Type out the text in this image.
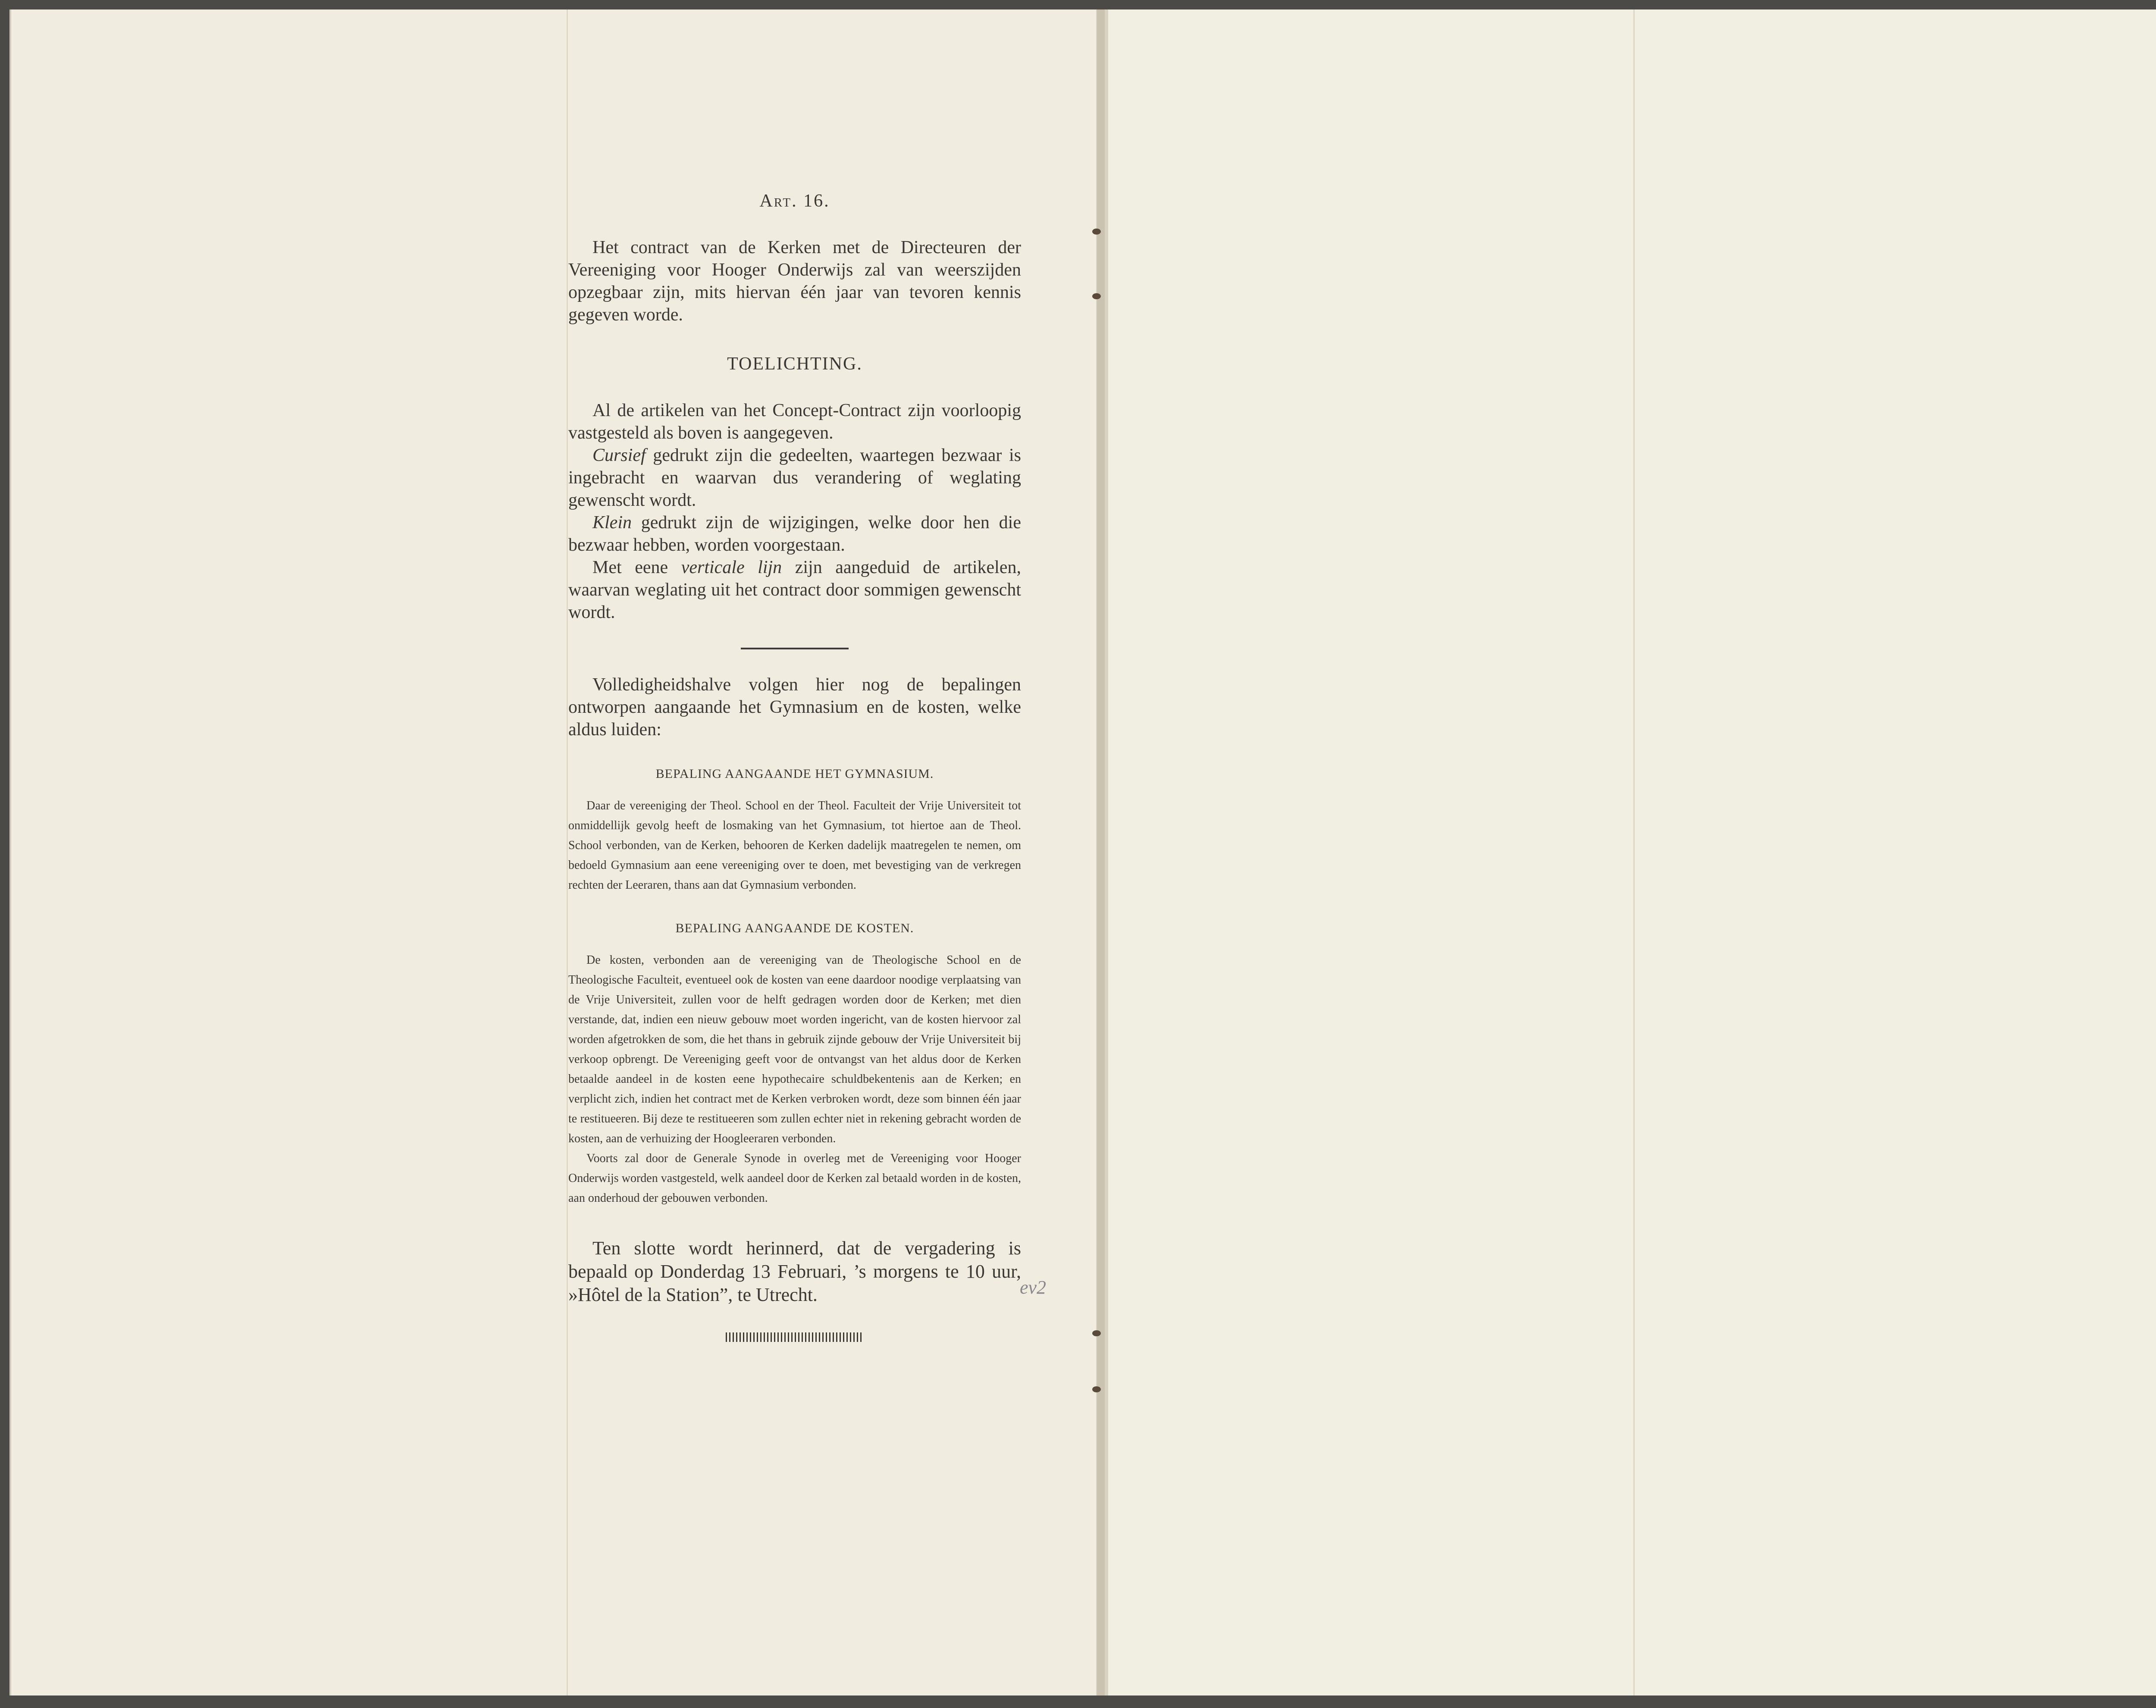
Art. 16.

Het contract van de Kerken met de Directeuren der Vereeniging voor Hooger Onderwijs zal van weerszijden opzegbaar zijn, mits hiervan één jaar van tevoren kennis gegeven worde.

TOELICHTING.

Al de artikelen van het Concept-Contract zijn voorloopig vastgesteld als boven is aangegeven.

Cursief gedrukt zijn die gedeelten, waartegen bezwaar is ingebracht en waarvan dus verandering of weglating gewenscht wordt.

Klein gedrukt zijn de wijzigingen, welke door hen die bezwaar hebben, worden voorgestaan.

Met eene verticale lijn zijn aangeduid de artikelen, waarvan weglating uit het contract door sommigen gewenscht wordt.

Volledigheidshalve volgen hier nog de bepalingen ontworpen aangaande het Gymnasium en de kosten, welke aldus luiden:

BEPALING AANGAANDE HET GYMNASIUM.

Daar de vereeniging der Theol. School en der Theol. Faculteit der Vrije Universiteit tot onmiddellijk gevolg heeft de losmaking van het Gymnasium, tot hiertoe aan de Theol. School verbonden, van de Kerken, behooren de Kerken dadelijk maatregelen te nemen, om bedoeld Gymnasium aan eene vereeniging over te doen, met bevestiging van de verkregen rechten der Leeraren, thans aan dat Gymnasium verbonden.

BEPALING AANGAANDE DE KOSTEN.

De kosten, verbonden aan de vereeniging van de Theologische School en de Theologische Faculteit, eventueel ook de kosten van eene daardoor noodige verplaatsing van de Vrije Universiteit, zullen voor de helft gedragen worden door de Kerken; met dien verstande, dat, indien een nieuw gebouw moet worden ingericht, van de kosten hiervoor zal worden afgetrokken de som, die het thans in gebruik zijnde gebouw der Vrije Universiteit bij verkoop opbrengt. De Vereeniging geeft voor de ontvangst van het aldus door de Kerken betaalde aandeel in de kosten eene hypothecaire schuldbekentenis aan de Kerken; en verplicht zich, indien het contract met de Kerken verbroken wordt, deze som binnen één jaar te restitueeren. Bij deze te restitueeren som zullen echter niet in rekening gebracht worden de kosten, aan de verhuizing der Hoogleeraren verbonden.

Voorts zal door de Generale Synode in overleg met de Vereeniging voor Hooger Onderwijs worden vastgesteld, welk aandeel door de Kerken zal betaald worden in de kosten, aan onderhoud der gebouwen verbonden.

Ten slotte wordt herinnerd, dat de vergadering is bepaald op Donderdag 13 Februari, ’s morgens te 10 uur, »Hôtel de la Station”, te Utrecht.	ev2
